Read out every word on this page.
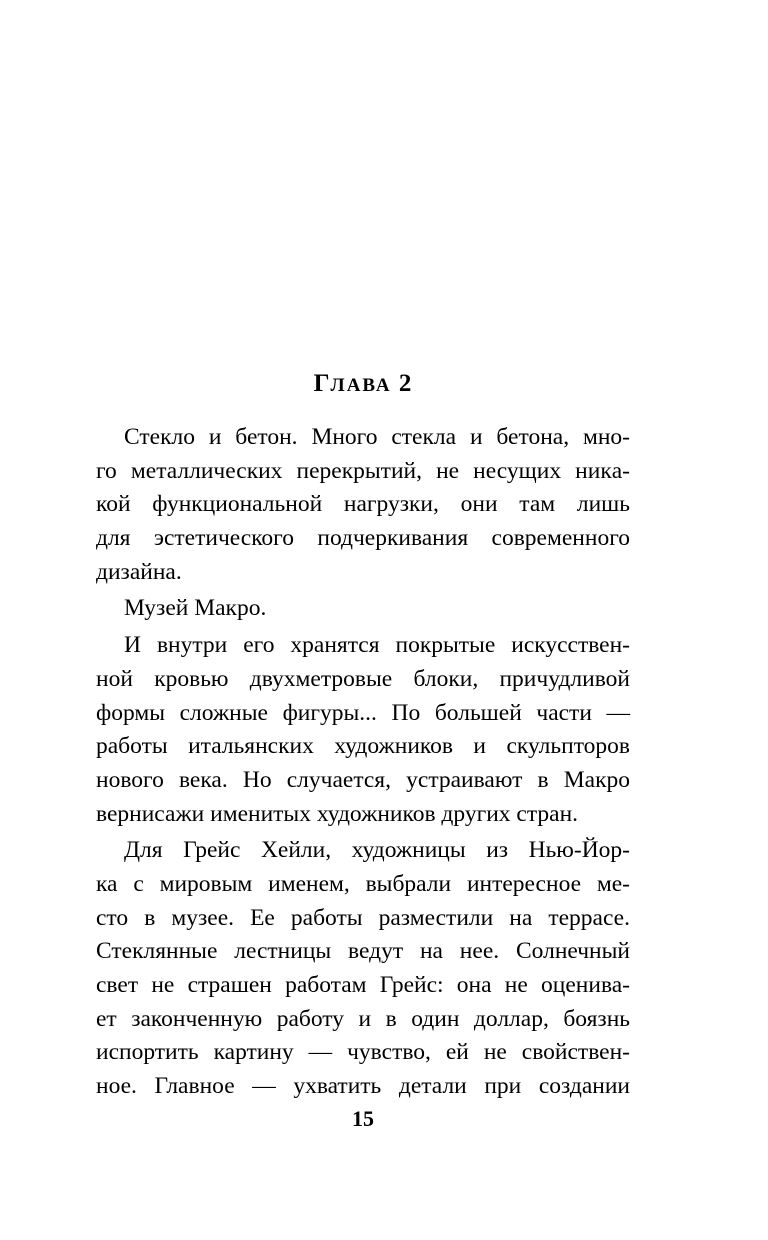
ГЛАВА 2
Стекло и бетон. Много стекла и бетона, мно-
го металлических перекрытий, не несущих никa-
кой функциональной нагрузки, они там лишь
для эстетического подчеркивания современного
дизайна.
Музей Макро.
И внутри его хранятся покрытые искусствен-
ной кровью двухметровые блоки, причудливой
формы сложные фигуры... По большей части —
работы итальянских художников и скульпторов
нового века. Но случается, устраивают в Макро
вернисажи именитых художников других стран.
Для Грейс Хейли, художницы из Нью-Йор-
ка с мировым именем, выбрали интересное ме-
сто в музее. Ее работы разместили на террасе.
Стеклянные лестницы ведут на нее. Солнечный
свет не страшен работам Грейс: она не оценива-
ет законченную работу и в один доллар, боязнь
испортить картину — чувство, ей не свойствен-
ное. Главное — ухватить детали при создании
15
